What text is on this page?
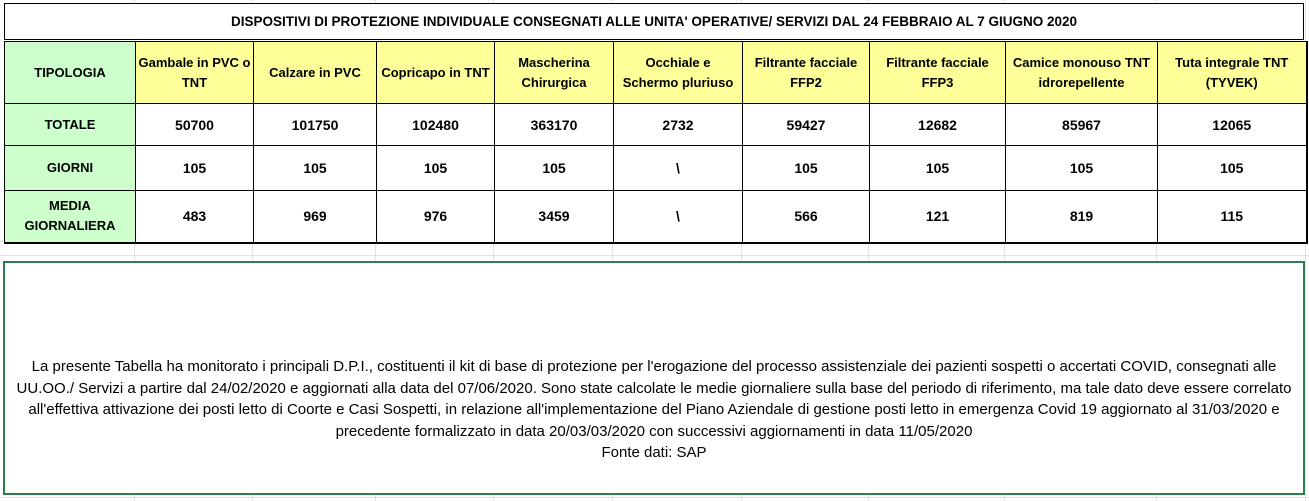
DISPOSITIVI DI PROTEZIONE INDIVIDUALE CONSEGNATI ALLE UNITA' OPERATIVE/ SERVIZI DAL 24 FEBBRAIO AL 7 GIUGNO 2020
TIPOLOGIA	Gambale in PVC o TNT	Calzare in PVC	Copricapo in TNT	Mascherina Chirurgica	Occhiale e Schermo pluriuso	Filtrante facciale FFP2	Filtrante facciale FFP3	Camice monouso TNT idrorepellente	Tuta integrale TNT (TYVEK)
TOTALE	50700	101750	102480	363170	2732	59427	12682	85967	12065
GIORNI	105	105	105	105	\	105	105	105	105
MEDIA GIORNALIERA	483	969	976	3459	\	566	121	819	115
La presente Tabella ha monitorato i principali D.P.I., costituenti il kit di base di protezione per l'erogazione del processo assistenziale dei pazienti sospetti o accertati COVID, consegnati alle UU.OO./ Servizi a partire dal 24/02/2020 e aggiornati alla data del 07/06/2020. Sono state calcolate le medie giornaliere sulla base del periodo di riferimento, ma tale dato deve essere correlato all'effettiva attivazione dei posti letto di Coorte e Casi Sospetti, in relazione all'implementazione del Piano Aziendale di gestione posti letto in emergenza Covid 19 aggiornato al 31/03/2020 e precedente formalizzato in data 20/03/03/2020 con successivi aggiornamenti in data 11/05/2020
Fonte dati: SAP
